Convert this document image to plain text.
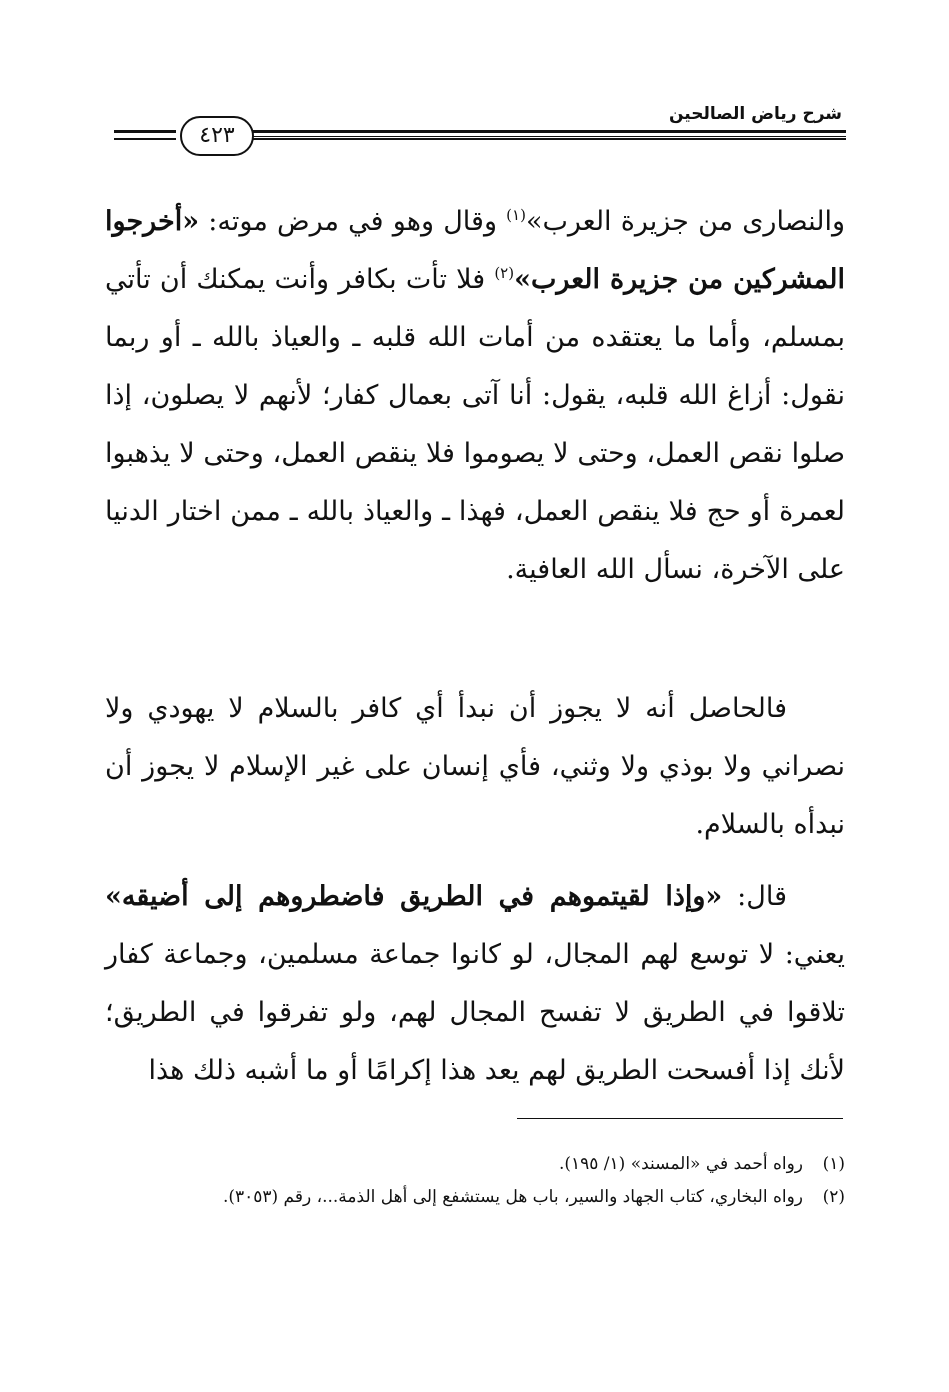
شرح رياض الصالحين
٤٢٣

والنصارى من جزيرة العرب»$^{(١)}$ وقال وهو في مرض موته: «أخرجوا المشركين من جزيرة العرب»$^{(٢)}$ فلا تأت بكافر وأنت يمكنك أن تأتي بمسلم، وأما ما يعتقده من أمات الله قلبه ـ والعياذ بالله ـ أو ربما نقول: أزاغ الله قلبه، يقول: أنا آتى بعمال كفار؛ لأنهم لا يصلون، إذا صلوا نقص العمل، وحتى لا يصوموا فلا ينقص العمل، وحتى لا يذهبوا لعمرة أو حج فلا ينقص العمل، فهذا ـ والعياذ بالله ـ ممن اختار الدنيا على الآخرة، نسأل الله العافية.

فالحاصل أنه لا يجوز أن نبدأ أي كافر بالسلام لا يهودي ولا نصراني ولا بوذي ولا وثني، فأي إنسان على غير الإسلام لا يجوز أن نبدأه بالسلام.

قال: «وإذا لقيتموهم في الطريق فاضطروهم إلى أضيقه» يعني: لا توسع لهم المجال، لو كانوا جماعة مسلمين، وجماعة كفار تلاقوا في الطريق لا تفسح المجال لهم، ولو تفرقوا في الطريق؛ لأنك إذا أفسحت الطريق لهم يعد هذا إكرامًا أو ما أشبه ذلك هذا

(١)
رواه أحمد في «المسند» (١/ ١٩٥).
(٢)
رواه البخاري، كتاب الجهاد والسير، باب هل يستشفع إلى أهل الذمة...، رقم (٣٠٥٣).
